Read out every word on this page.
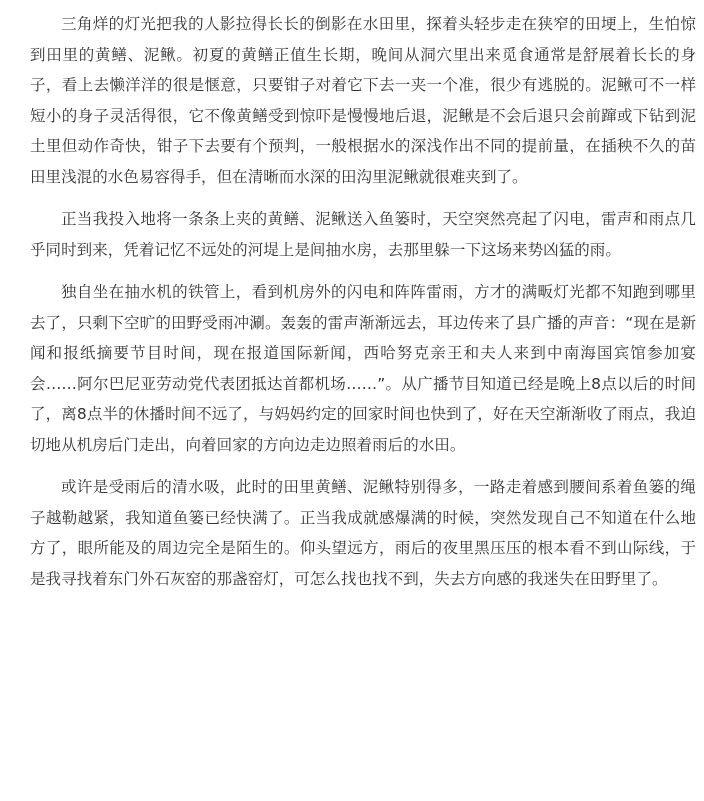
三角烊的灯光把我的人影拉得长长的倒影在水田里，探着头轻步走在狭窄的田埂上，生怕惊到田里的黄鳝、泥鳅。初夏的黄鳝正值生长期，晚间从洞穴里出来觅食通常是舒展着长长的身子，看上去懒洋洋的很是惬意，只要钳子对着它下去一夹一个准，很少有逃脱的。泥鳅可不一样短小的身子灵活得很，它不像黄鳝受到惊吓是慢慢地后退，泥鳅是不会后退只会前蹿或下钻到泥土里但动作奇快，钳子下去要有个预判，一般根据水的深浅作出不同的提前量，在插秧不久的苗田里浅混的水色易容得手，但在清晰而水深的田沟里泥鳅就很难夹到了。

正当我投入地将一条条上夹的黄鳝、泥鳅送入鱼篓时，天空突然亮起了闪电，雷声和雨点几乎同时到来，凭着记忆不远处的河堤上是间抽水房，去那里躲一下这场来势凶猛的雨。

独自坐在抽水机的铁管上，看到机房外的闪电和阵阵雷雨，方才的满畈灯光都不知跑到哪里去了，只剩下空旷的田野受雨冲涮。轰轰的雷声渐渐远去，耳边传来了县广播的声音：“现在是新闻和报纸摘要节目时间，现在报道国际新闻，西哈努克亲王和夫人来到中南海国宾馆参加宴会……阿尔巴尼亚劳动党代表团抵达首都机场……”。从广播节目知道已经是晚上8点以后的时间了，离8点半的休播时间不远了，与妈妈约定的回家时间也快到了，好在天空渐渐收了雨点，我迫切地从机房后门走出，向着回家的方向边走边照着雨后的水田。

或许是受雨后的清水吸，此时的田里黄鳝、泥鳅特别得多，一路走着感到腰间系着鱼篓的绳子越勒越紧，我知道鱼篓已经快满了。正当我成就感爆满的时候，突然发现自己不知道在什么地方了，眼所能及的周边完全是陌生的。仰头望远方，雨后的夜里黑压压的根本看不到山际线，于是我寻找着东门外石灰窑的那盏窑灯，可怎么找也找不到，失去方向感的我迷失在田野里了。
